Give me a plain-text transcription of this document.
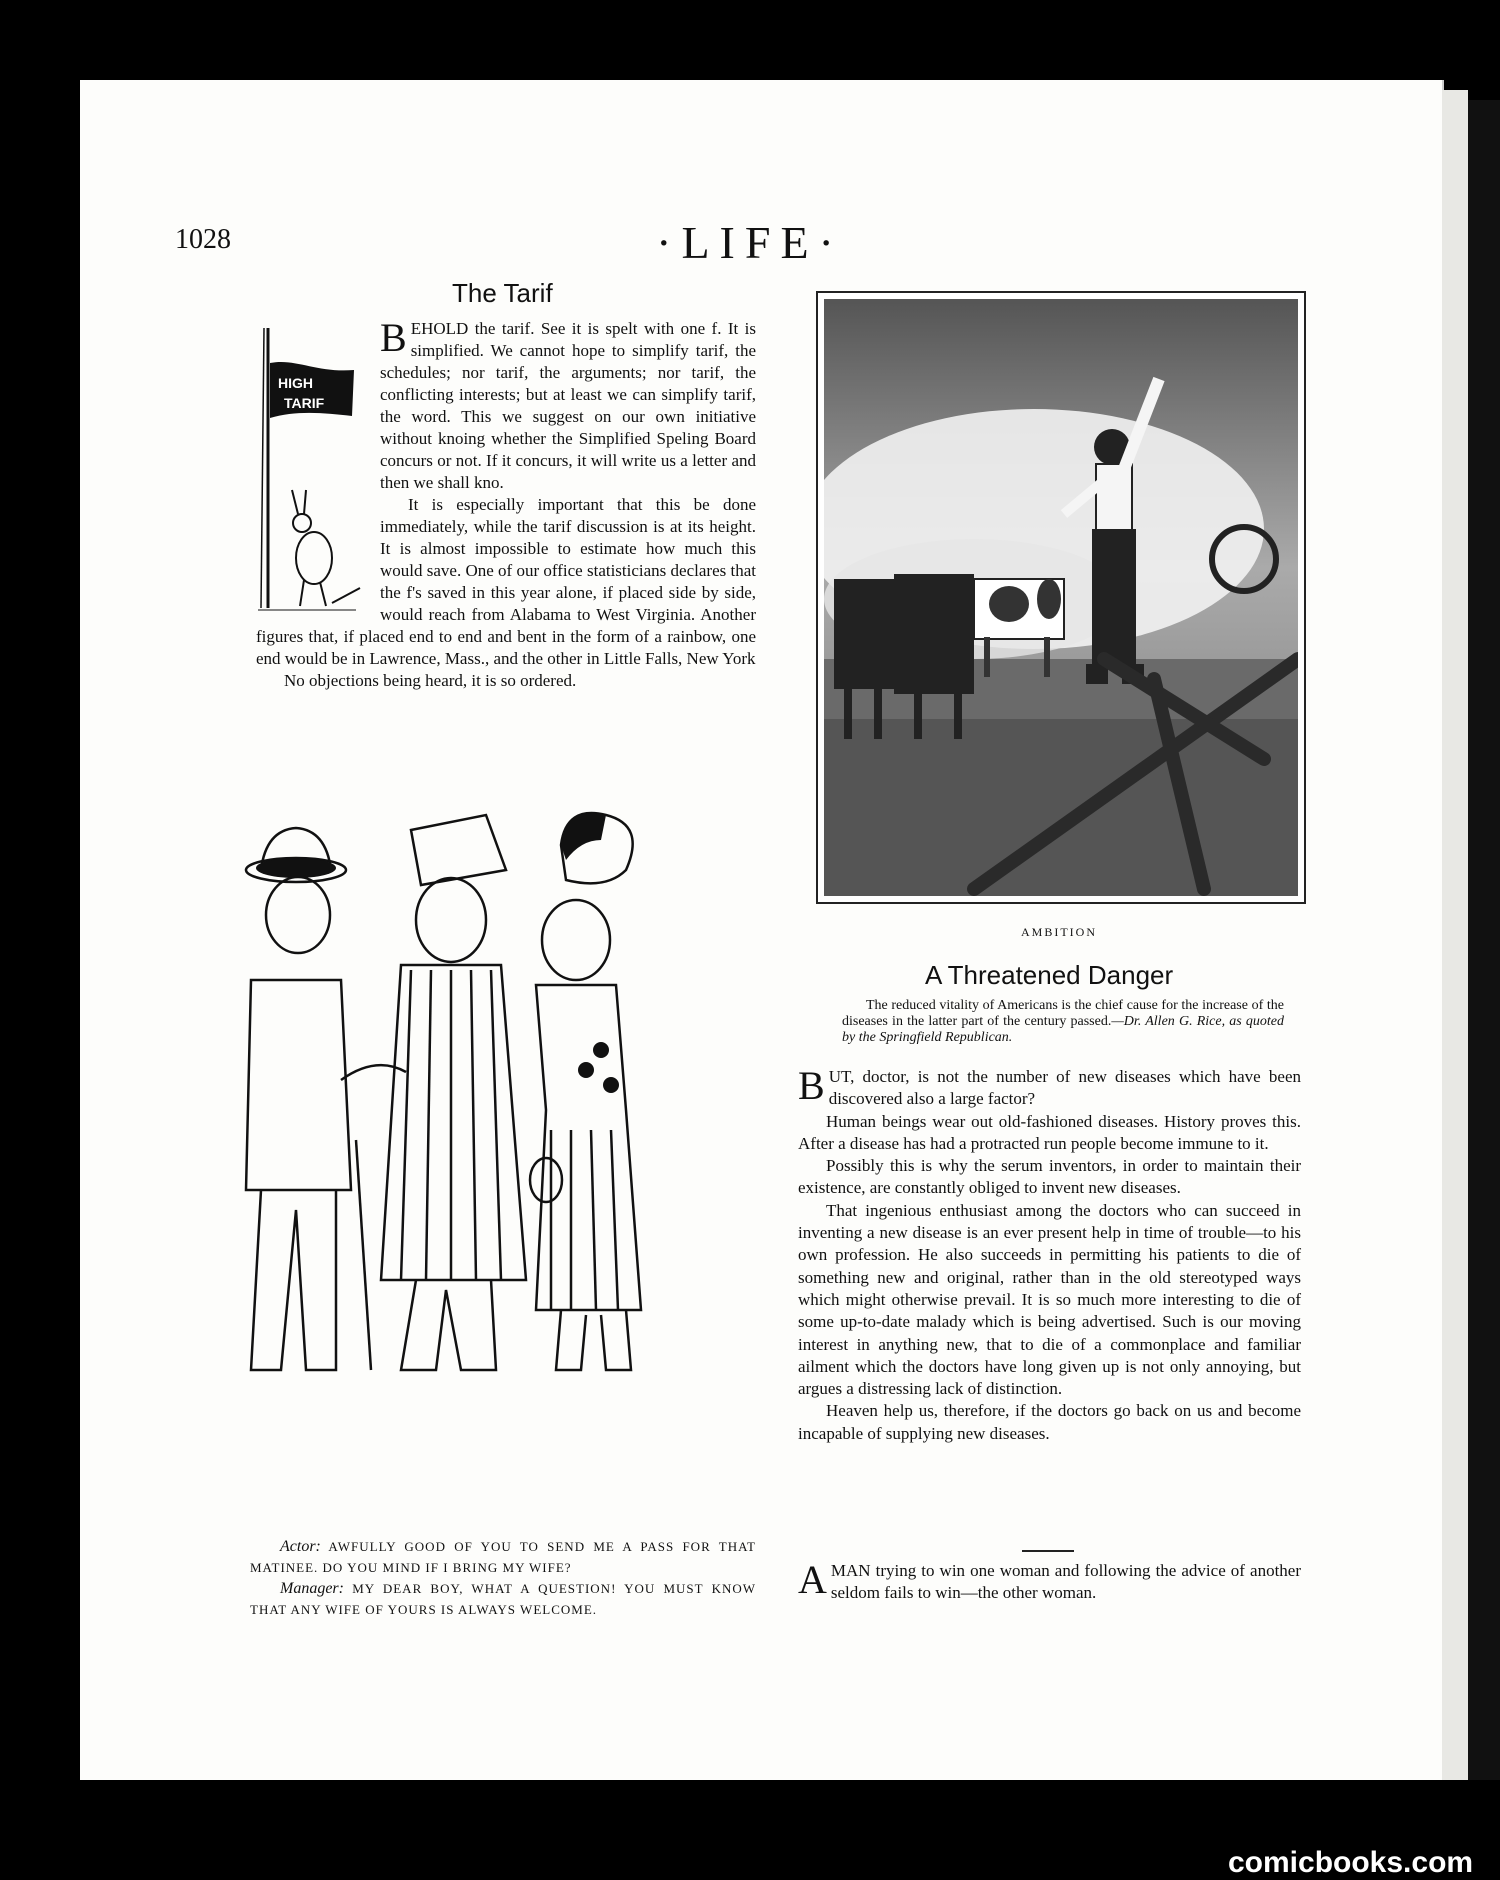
1028	·LIFE·
The Tarif
HIGH
TARIF

BEHOLD the tarif. See it is spelt with one f. It is simplified. We cannot hope to simplify tarif, the schedules; nor tarif, the arguments; nor tarif, the conflicting interests; but at least we can simplify tarif, the word. This we suggest on our own initiative without knoing whether the Simplified Speling Board concurs or not. If it concurs, it will write us a letter and then we shall kno.

It is especially important that this be done immediately, while the tarif discussion is at its height. It is almost impossible to estimate how much this would save. One of our office statisticians declares that the f's saved in this year alone, if placed side by side, would reach from Alabama to West Virginia. Another figures that, if placed end to end and bent in the form of a rainbow, one end would be in Lawrence, Mass., and the other in Little Falls, New York

No objections being heard, it is so ordered.

AMBITION
A Threatened Danger

The reduced vitality of Americans is the chief cause for the increase of the diseases in the latter part of the century passed.—Dr. Allen G. Rice, as quoted by the Springfield Republican.

BUT, doctor, is not the number of new diseases which have been discovered also a large factor?

Human beings wear out old-fashioned diseases. History proves this. After a disease has had a protracted run people become immune to it.

Possibly this is why the serum inventors, in order to maintain their existence, are constantly obliged to invent new diseases.

That ingenious enthusiast among the doctors who can succeed in inventing a new disease is an ever present help in time of trouble—to his own profession. He also succeeds in permitting his patients to die of something new and original, rather than in the old stereotyped ways which might otherwise prevail. It is so much more interesting to die of some up-to-date malady which is being advertised. Such is our moving interest in anything new, that to die of a commonplace and familiar ailment which the doctors have long given up is not only annoying, but argues a distressing lack of distinction.

Heaven help us, therefore, if the doctors go back on us and become incapable of supplying new diseases.

AMAN trying to win one woman and following the advice of another seldom fails to win—the other woman.

Actor: AWFULLY GOOD OF YOU TO SEND ME A PASS FOR THAT MATINEE. DO YOU MIND IF I BRING MY WIFE?

Manager: MY DEAR BOY, WHAT A QUESTION! YOU MUST KNOW THAT ANY WIFE OF YOURS IS ALWAYS WELCOME.

comicbooks.com
